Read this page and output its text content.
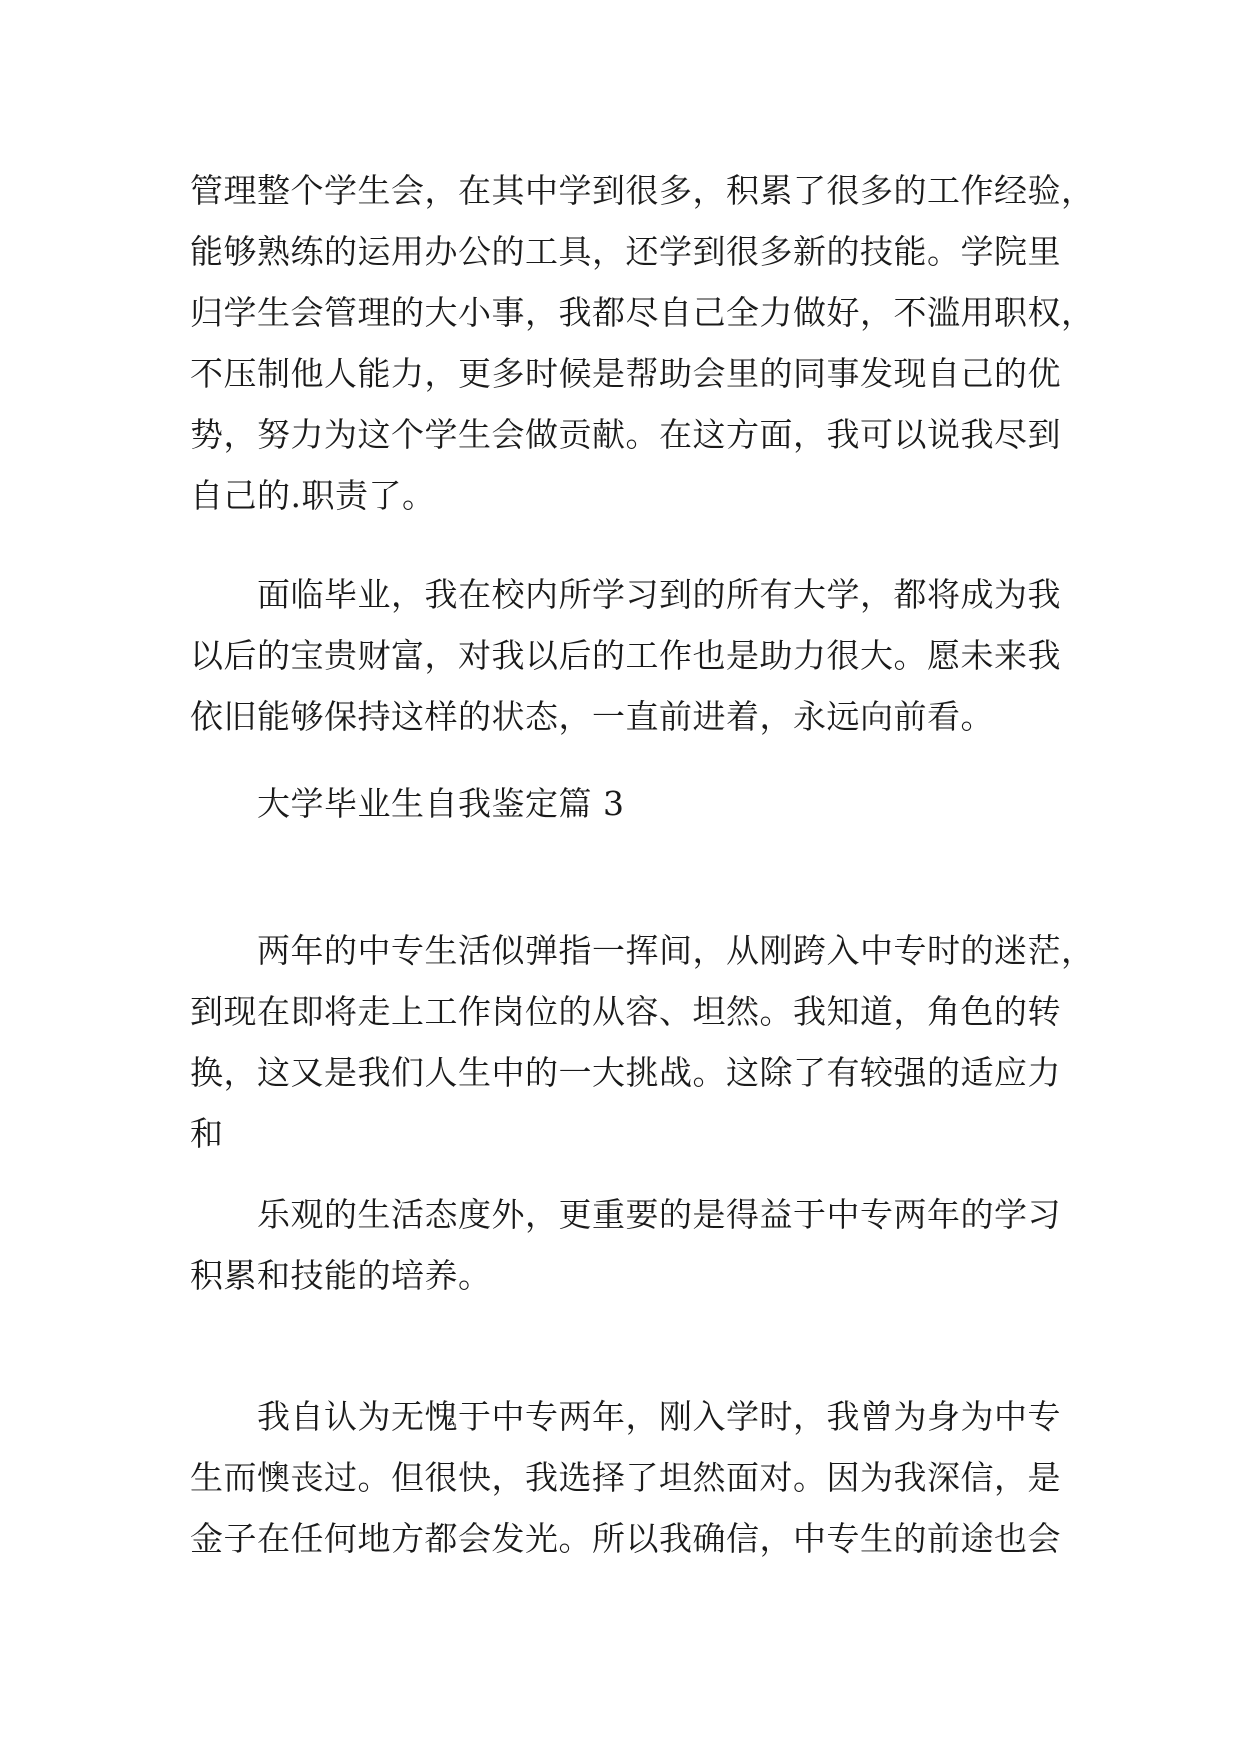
管理整个学生会，在其中学到很多，积累了很多的工作经验，
能够熟练的运用办公的工具，还学到很多新的技能。学院里
归学生会管理的大小事，我都尽自己全力做好，不滥用职权，
不压制他人能力，更多时候是帮助会里的同事发现自己的优
势，努力为这个学生会做贡献。在这方面，我可以说我尽到
自己的.职责了。
　　面临毕业，我在校内所学习到的所有大学，都将成为我
以后的宝贵财富，对我以后的工作也是助力很大。愿未来我
依旧能够保持这样的状态，一直前进着，永远向前看。
　　大学毕业生自我鉴定篇 3
　　两年的中专生活似弹指一挥间，从刚跨入中专时的迷茫，
到现在即将走上工作岗位的从容、坦然。我知道，角色的转
换，这又是我们人生中的一大挑战。这除了有较强的适应力
和
　　乐观的生活态度外，更重要的是得益于中专两年的学习
积累和技能的培养。
　　我自认为无愧于中专两年，刚入学时，我曾为身为中专
生而懊丧过。但很快，我选择了坦然面对。因为我深信，是
金子在任何地方都会发光。所以我确信，中专生的前途也会
